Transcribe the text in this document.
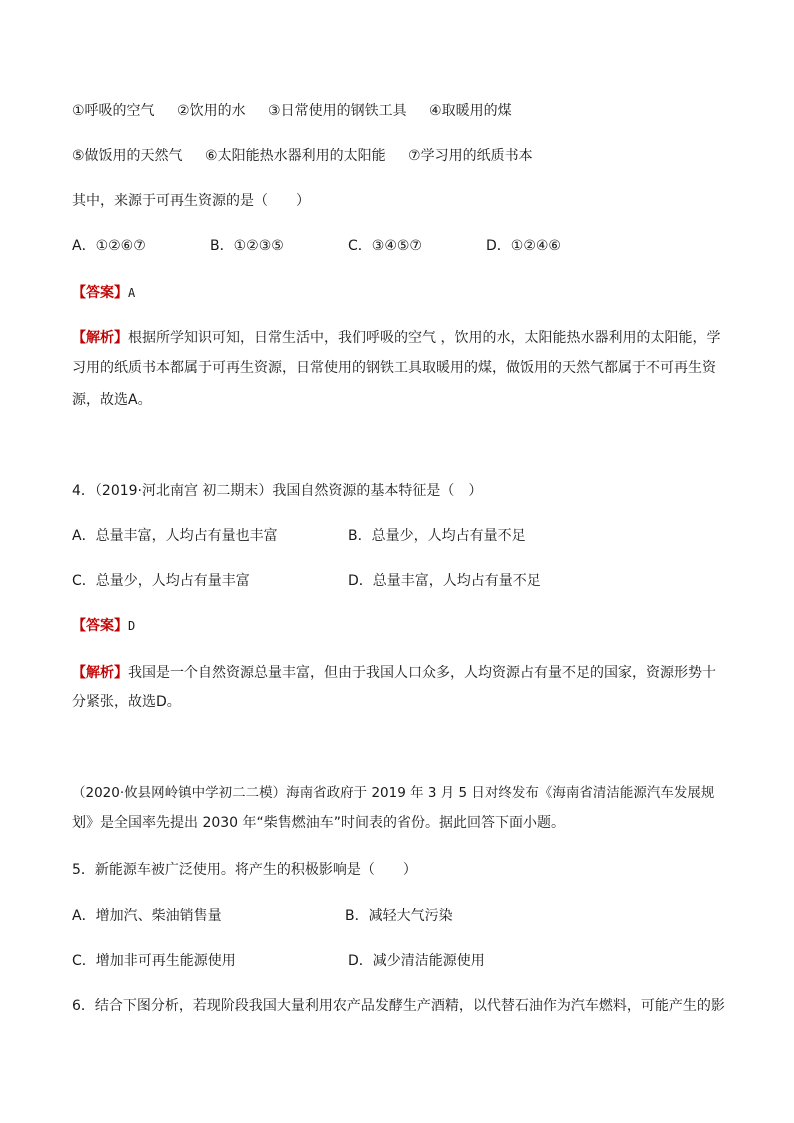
①呼吸的空气 ②饮用的水 ③日常使用的钢铁工具 ④取暖用的煤
⑤做饭用的天然气 ⑥太阳能热水器利用的太阳能 ⑦学习用的纸质书本
其中，来源于可再生资源的是（　　）
A．①②⑥⑦	B．①②③⑤	C．③④⑤⑦	D．①②④⑥
【答案】A
【解析】根据所学知识可知，日常生活中，我们呼吸的空气 ，饮用的水，太阳能热水器利用的太阳能，学
习用的纸质书本都属于可再生资源，日常使用的钢铁工具取暖用的煤，做饭用的天然气都属于不可再生资
源，故选A。
4．（2019·河北南宫 初二期末）我国自然资源的基本特征是（　）
A．总量丰富，人均占有量也丰富	B．总量少，人均占有量不足
C．总量少，人均占有量丰富	D．总量丰富，人均占有量不足
【答案】D
【解析】我国是一个自然资源总量丰富，但由于我国人口众多，人均资源占有量不足的国家，资源形势十
分紧张，故选D。
（2020·攸县网岭镇中学初二二模）海南省政府于 2019 年 3 月 5 日对终发布《海南省清洁能源汽车发展规
划》是全国率先提出 2030 年“柴售燃油车”时间表的省份。据此回答下面小题。
5．新能源车被广泛使用。将产生的积极影响是（　　）
A．增加汽、柴油销售量	B．减轻大气污染
C．增加非可再生能源使用	D．减少清洁能源使用
6．结合下图分析，若现阶段我国大量利用农产品发酵生产酒精，以代替石油作为汽车燃料，可能产生的影
